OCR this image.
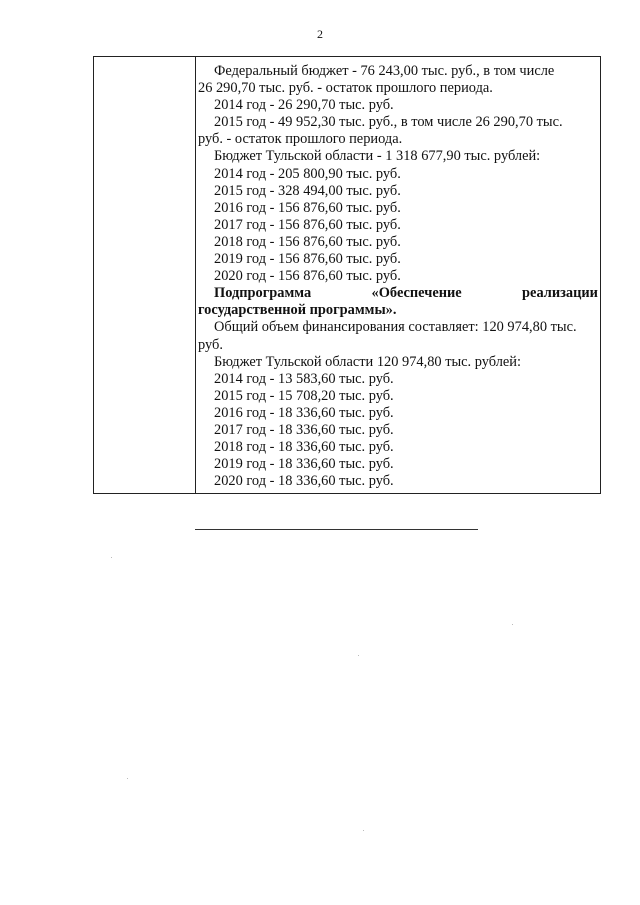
2
Федеральный бюджет - 76 243,00 тыс. руб., в том числе
26 290,70 тыс. руб. - остаток прошлого периода.
2014 год - 26 290,70 тыс. руб.
2015 год - 49 952,30 тыс. руб., в том числе 26 290,70 тыс.
руб. - остаток прошлого периода.
Бюджет Тульской области - 1 318 677,90 тыс. рублей:
2014 год - 205 800,90 тыс. руб.
2015 год - 328 494,00 тыс. руб.
2016 год - 156 876,60 тыс. руб.
2017 год - 156 876,60 тыс. руб.
2018 год - 156 876,60 тыс. руб.
2019 год - 156 876,60 тыс. руб.
2020 год - 156 876,60 тыс. руб.
Подпрограмма	«Обеспечение	реализации
государственной программы».
Общий объем финансирования составляет: 120 974,80 тыс.
руб.
Бюджет Тульской области 120 974,80 тыс. рублей:
2014 год - 13 583,60 тыс. руб.
2015 год - 15 708,20 тыс. руб.
2016 год - 18 336,60 тыс. руб.
2017 год - 18 336,60 тыс. руб.
2018 год - 18 336,60 тыс. руб.
2019 год - 18 336,60 тыс. руб.
2020 год - 18 336,60 тыс. руб.
